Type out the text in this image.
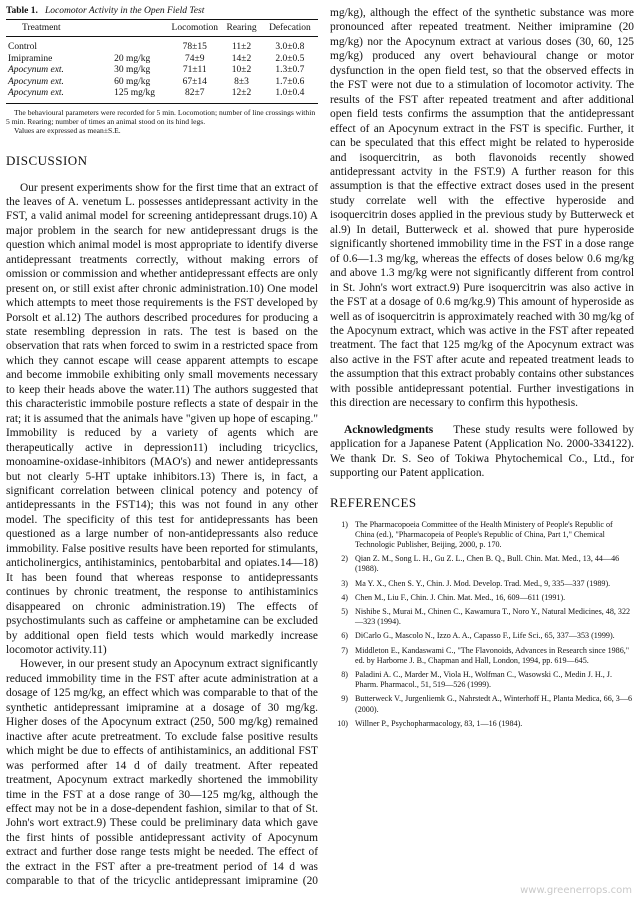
Table 1. Locomotor Activity in the Open Field Test
Treatment		Locomotion	Rearing	Defecation
Control		78±15	11±2	3.0±0.8
Imipramine	20 mg/kg	74±9	14±2	2.0±0.5
Apocynum ext.	30 mg/kg	71±11	10±2	1.3±0.7
Apocynum ext.	60 mg/kg	67±14	8±3	1.7±0.6
Apocynum ext.	125 mg/kg	82±7	12±2	1.0±0.4

The behavioural parameters were recorded for 5 min. Locomotion; number of line crossings within 5 min. Rearing; number of times an animal stood on its hind legs.

Values are expressed as mean±S.E.

DISCUSSION

Our present experiments show for the first time that an extract of the leaves of A. venetum L. possesses antidepressant activity in the FST, a valid animal model for screening antidepressant drugs.10) A major problem in the search for new antidepressant drugs is the question which animal model is most appropriate to identify diverse antidepressant treatments correctly, without making errors of omission or commission and whether antidepressant effects are only present on, or still exist after chronic administration.10) One model which attempts to meet those requirements is the FST developed by Porsolt et al.12) The authors described procedures for producing a state resembling depression in rats. The test is based on the observation that rats when forced to swim in a restricted space from which they cannot escape will cease apparent attempts to escape and become immobile exhibiting only small movements necessary to keep their heads above the water.11) The authors suggested that this characteristic immobile posture reflects a state of despair in the rat; it is assumed that the animals have "given up hope of escaping." Immobility is reduced by a variety of agents which are therapeutically active in depression11) including tricyclics, monoamine-oxidase-inhibitors (MAO's) and newer antidepressants but not clearly 5-HT uptake inhibitors.13) There is, in fact, a significant correlation between clinical potency and potency of antidepressants in the FST14); this was not found in any other model. The specificity of this test for antidepressants has been questioned as a large number of non-antidepressants also reduce immobility. False positive results have been reported for stimulants, anticholinergics, antihistaminics, pentobarbital and opiates.14—18) It has been found that whereas response to antidepressants continues by chronic treatment, the response to antihistaminics disappeared on chronic administration.19) The effects of psychostimulants such as caffeine or amphetamine can be excluded by additional open field tests which would markedly increase locomotor activity.11)

However, in our present study an Apocynum extract significantly reduced immobility time in the FST after acute administration at a dosage of 125 mg/kg, an effect which was comparable to that of the synthetic antidepressant imipramine at a dosage of 30 mg/kg. Higher doses of the Apocynum extract (250, 500 mg/kg) remained inactive after acute pretreatment. To exclude false positive results which might be due to effects of antihistaminics, an additional FST was performed after 14 d of daily treatment. After repeated treatment, Apocynum extract markedly shortened the immobility time in the FST at a dose range of 30—125 mg/kg, although the effect may not be in a dose-dependent fashion, similar to that of St. John's wort extract.9) These could be preliminary data which gave the first hints of possible antidepressant activity of Apocynum extract and further dose range tests might be needed. The effect of the extract in the FST after a pre-treatment period of 14 d was comparable to that of the tricyclic antidepressant imipramine (20

mg/kg), although the effect of the synthetic substance was more pronounced after repeated treatment. Neither imipramine (20 mg/kg) nor the Apocynum extract at various doses (30, 60, 125 mg/kg) produced any overt behavioural change or motor dysfunction in the open field test, so that the observed effects in the FST were not due to a stimulation of locomotor activity. The results of the FST after repeated treatment and after additional open field tests confirms the assumption that the antidepressant effect of an Apocynum extract in the FST is specific. Further, it can be speculated that this effect might be related to hyperoside and isoquercitrin, as both flavonoids recently showed antidepressant actvity in the FST.9) A further reason for this assumption is that the effective extract doses used in the present study correlate well with the effective hyperoside and isoquercitrin doses applied in the previous study by Butterweck et al.9) In detail, Butterweck et al. showed that pure hyperoside significantly shortened immobility time in the FST in a dose range of 0.6—1.3 mg/kg, whereas the effects of doses below 0.6 mg/kg and above 1.3 mg/kg were not significantly different from control in St. John's wort extract.9) Pure isoquercitrin was also active in the FST at a dosage of 0.6 mg/kg.9) This amount of hyperoside as well as of isoquercitrin is approximately reached with 30 mg/kg of the Apocynum extract, which was active in the FST after repeated treatment. The fact that 125 mg/kg of the Apocynum extract was also active in the FST after acute and repeated treatment leads to the assumption that this extract probably contains other substances with possible antidepressant potential. Further investigations in this direction are necessary to confirm this hypothesis.

Acknowledgments These study results were followed by application for a Japanese Patent (Application No. 2000-334122). We thank Dr. S. Seo of Tokiwa Phytochemical Co., Ltd., for supporting our Patent application.

REFERENCES
1) The Pharmacopoeia Committee of the Health Ministery of People's Republic of China (ed.), "Pharmacopeia of People's Republic of China, Part 1," Chemical Technologic Publisher, Beijing, 2000, p. 170.
2) Qian Z. M., Song L. H., Gu Z. L., Chen B. Q., Bull. Chin. Mat. Med., 13, 44—46 (1988).
3) Ma Y. X., Chen S. Y., Chin. J. Mod. Develop. Trad. Med., 9, 335—337 (1989).
4) Chen M., Liu F., Chin. J. Chin. Mat. Med., 16, 609—611 (1991).
5) Nishibe S., Murai M., Chinen C., Kawamura T., Noro Y., Natural Medicines, 48, 322—323 (1994).
6) DiCarlo G., Mascolo N., Izzo A. A., Capasso F., Life Sci., 65, 337—353 (1999).
7) Middleton E., Kandaswami C., "The Flavonoids, Advances in Research since 1986," ed. by Harborne J. B., Chapman and Hall, London, 1994, pp. 619—645.
8) Paladini A. C., Marder M., Viola H., Wolfman C., Wasowski C., Medin J. H., J. Pharm. Pharmacol., 51, 519—526 (1999).
9) Butterweck V., Jurgenliemk G., Nahrstedt A., Winterhoff H., Planta Medica, 66, 3—6 (2000).
10) Willner P., Psychopharmacology, 83, 1—16 (1984).
www.greenerrops.com
